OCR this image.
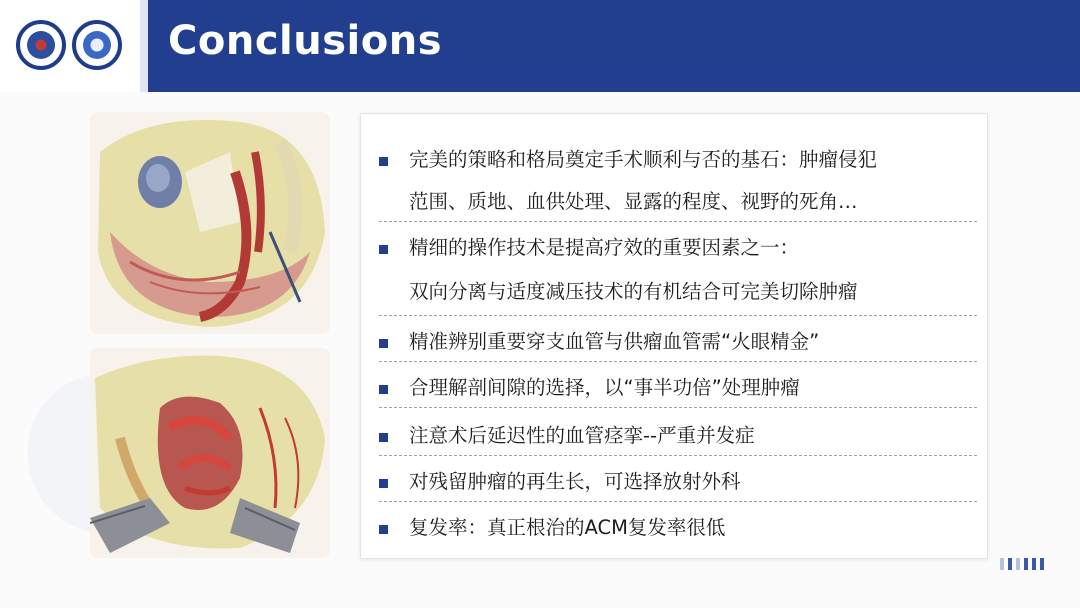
Conclusions
完美的策略和格局奠定手术顺利与否的基石：肿瘤侵犯
范围、质地、血供处理、显露的程度、视野的死角…
精细的操作技术是提高疗效的重要因素之一：
双向分离与适度减压技术的有机结合可完美切除肿瘤
精准辨别重要穿支血管与供瘤血管需“火眼精金”
合理解剖间隙的选择，以“事半功倍”处理肿瘤
注意术后延迟性的血管痉挛--严重并发症
对残留肿瘤的再生长，可选择放射外科
复发率：真正根治的ACM复发率很低
